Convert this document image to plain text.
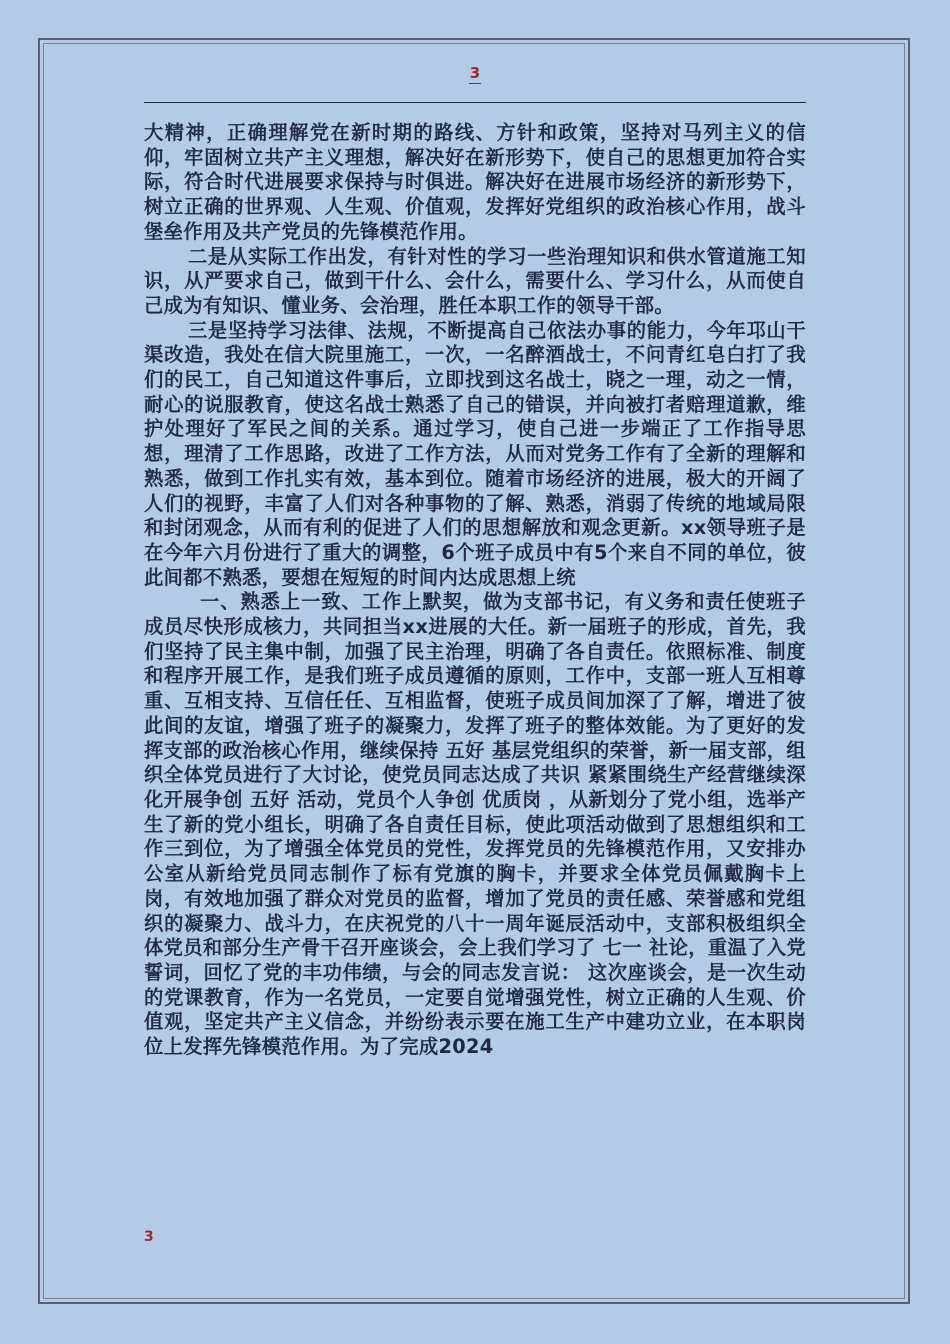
3

大精神，正确理解党在新时期的路线、方针和政策，坚持对马列主义的信仰，牢固树立共产主义理想，解决好在新形势下，使自己的思想更加符合实际，符合时代进展要求保持与时俱进。解决好在进展市场经济的新形势下，树立正确的世界观、人生观、价值观，发挥好党组织的政治核心作用，战斗堡垒作用及共产党员的先锋模范作用。

二是从实际工作出发，有针对性的学习一些治理知识和供水管道施工知识，从严要求自己，做到干什么、会什么，需要什么、学习什么，从而使自己成为有知识、懂业务、会治理，胜任本职工作的领导干部。

三是坚持学习法律、法规，不断提高自己依法办事的能力，今年邛山干渠改造，我处在信大院里施工，一次，一名醉酒战士，不问青红皂白打了我们的民工，自己知道这件事后，立即找到这名战士，晓之一理，动之一情，耐心的说服教育，使这名战士熟悉了自己的错误，并向被打者赔理道歉，维护处理好了军民之间的关系。通过学习，使自己进一步端正了工作指导思想，理清了工作思路，改进了工作方法，从而对党务工作有了全新的理解和熟悉，做到工作扎实有效，基本到位。随着市场经济的进展，极大的开阔了人们的视野，丰富了人们对各种事物的了解、熟悉，消弱了传统的地域局限和封闭观念，从而有利的促进了人们的思想解放和观念更新。xx领导班子是在今年六月份进行了重大的调整，6个班子成员中有5个来自不同的单位，彼此间都不熟悉，要想在短短的时间内达成思想上统

一、熟悉上一致、工作上默契，做为支部书记，有义务和责任使班子成员尽快形成核力，共同担当xx进展的大任。新一届班子的形成，首先，我们坚持了民主集中制，加强了民主治理，明确了各自责任。依照标准、制度和程序开展工作，是我们班子成员遵循的原则，工作中，支部一班人互相尊重、互相支持、互信任任、互相监督，使班子成员间加深了了解，增进了彼此间的友谊，增强了班子的凝聚力，发挥了班子的整体效能。为了更好的发挥支部的政治核心作用，继续保持 五好 基层党组织的荣誉，新一届支部，组织全体党员进行了大讨论，使党员同志达成了共识 紧紧围绕生产经营继续深化开展争创 五好 活动，党员个人争创 优质岗 ，从新划分了党小组，选举产生了新的党小组长，明确了各自责任目标，使此项活动做到了思想组织和工作三到位，为了增强全体党员的党性，发挥党员的先锋模范作用，又安排办公室从新给党员同志制作了标有党旗的胸卡，并要求全体党员佩戴胸卡上岗，有效地加强了群众对党员的监督，增加了党员的责任感、荣誉感和党组织的凝聚力、战斗力，在庆祝党的八十一周年诞辰活动中，支部积极组织全体党员和部分生产骨干召开座谈会，会上我们学习了 七一 社论，重温了入党誓词，回忆了党的丰功伟绩，与会的同志发言说： 这次座谈会，是一次生动的党课教育，作为一名党员，一定要自觉增强党性，树立正确的人生观、价值观，坚定共产主义信念，并纷纷表示要在施工生产中建功立业，在本职岗位上发挥先锋模范作用。为了完成2024

3
